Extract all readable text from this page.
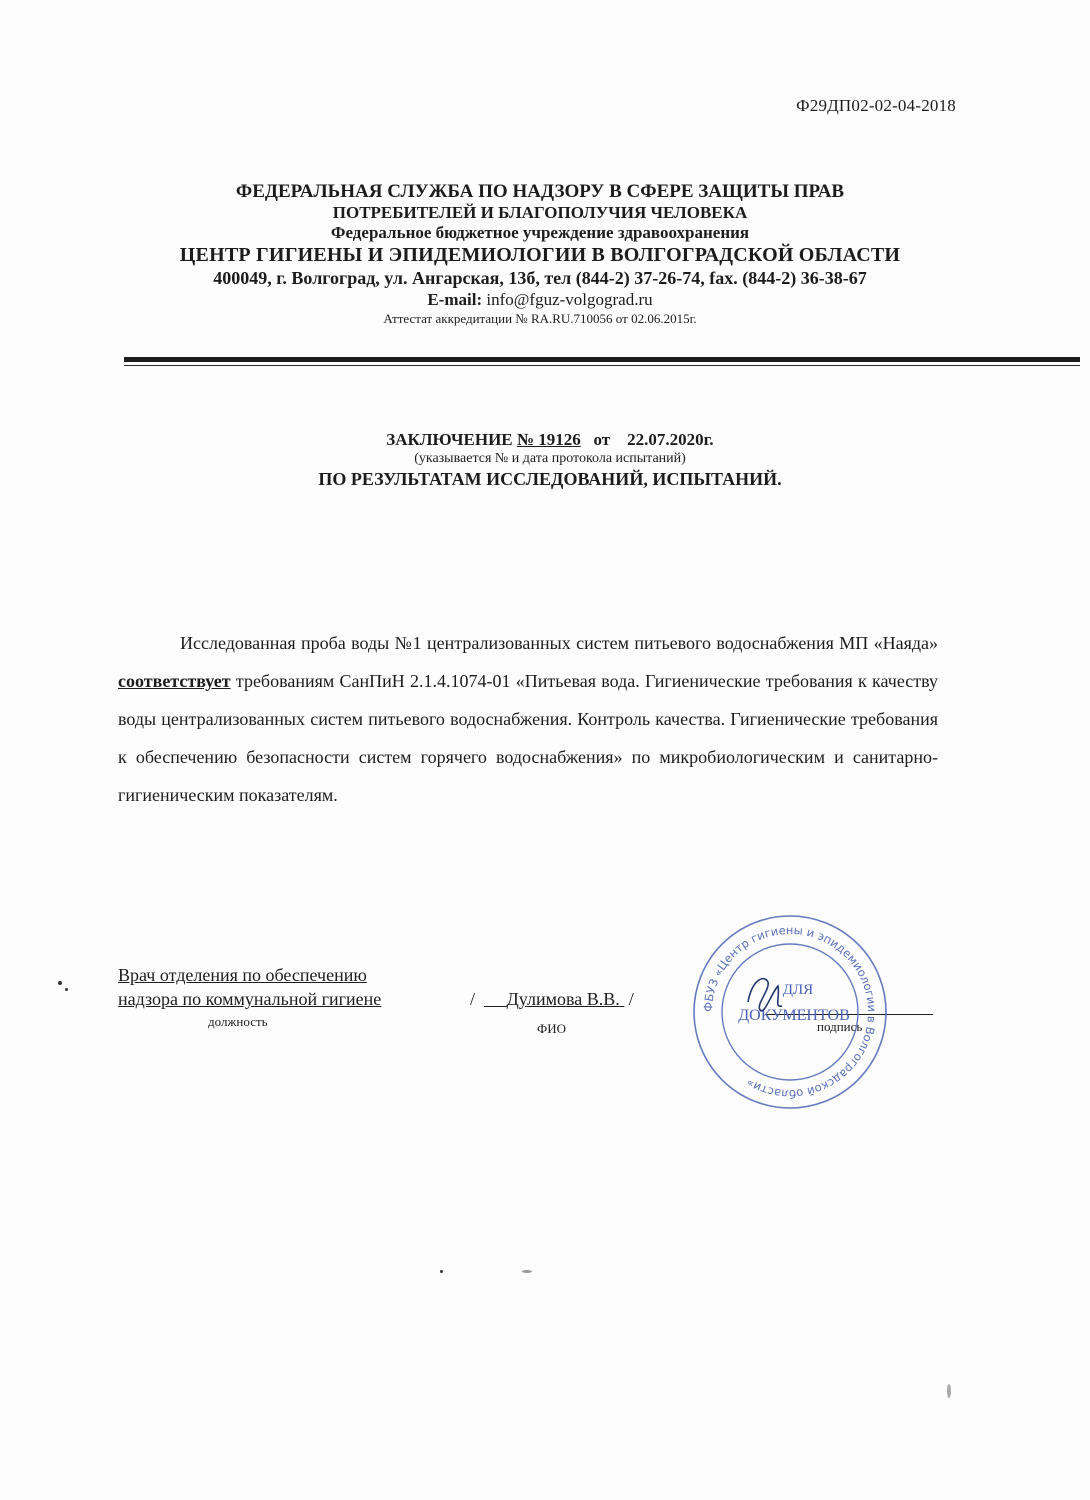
Ф29ДП02-02-04-2018
ФЕДЕРАЛЬНАЯ СЛУЖБА ПО НАДЗОРУ В СФЕРЕ ЗАЩИТЫ ПРАВ
ПОТРЕБИТЕЛЕЙ И БЛАГОПОЛУЧИЯ ЧЕЛОВЕКА
Федеральное бюджетное учреждение здравоохранения
ЦЕНТР ГИГИЕНЫ И ЭПИДЕМИОЛОГИИ В ВОЛГОГРАДСКОЙ ОБЛАСТИ
400049, г. Волгоград, ул. Ангарская, 13б, тел (844-2) 37-26-74, fax. (844-2) 36-38-67
E-mail: info@fguz-volgograd.ru
Аттестат аккредитации № RA.RU.710056 от 02.06.2015г.
ЗАКЛЮЧЕНИЕ № 19126 от 22.07.2020г.
(указывается № и дата протокола испытаний)
ПО РЕЗУЛЬТАТАМ ИССЛЕДОВАНИЙ, ИСПЫТАНИЙ.

Исследованная проба воды №1 централизованных систем питьевого водоснабжения МП «Наяда» соответствует требованиям СанПиН 2.1.4.1074-01 «Питьевая вода. Гигиенические требования к качеству воды централизованных систем питьевого водоснабжения. Контроль качества. Гигиенические требования к обеспечению безопасности систем горячего водоснабжения» по микробиологическим и санитарно-гигиеническим показателям.

Врач отделения по обеспечению
надзора по коммунальной гигиене
должность
/       Дулимова В.В.  /
ФИО	подпись
ФБУЗ «Центр гигиены и эпидемиологии в Волгоградской области»
ДЛЯ
ДОКУМЕНТОВ
